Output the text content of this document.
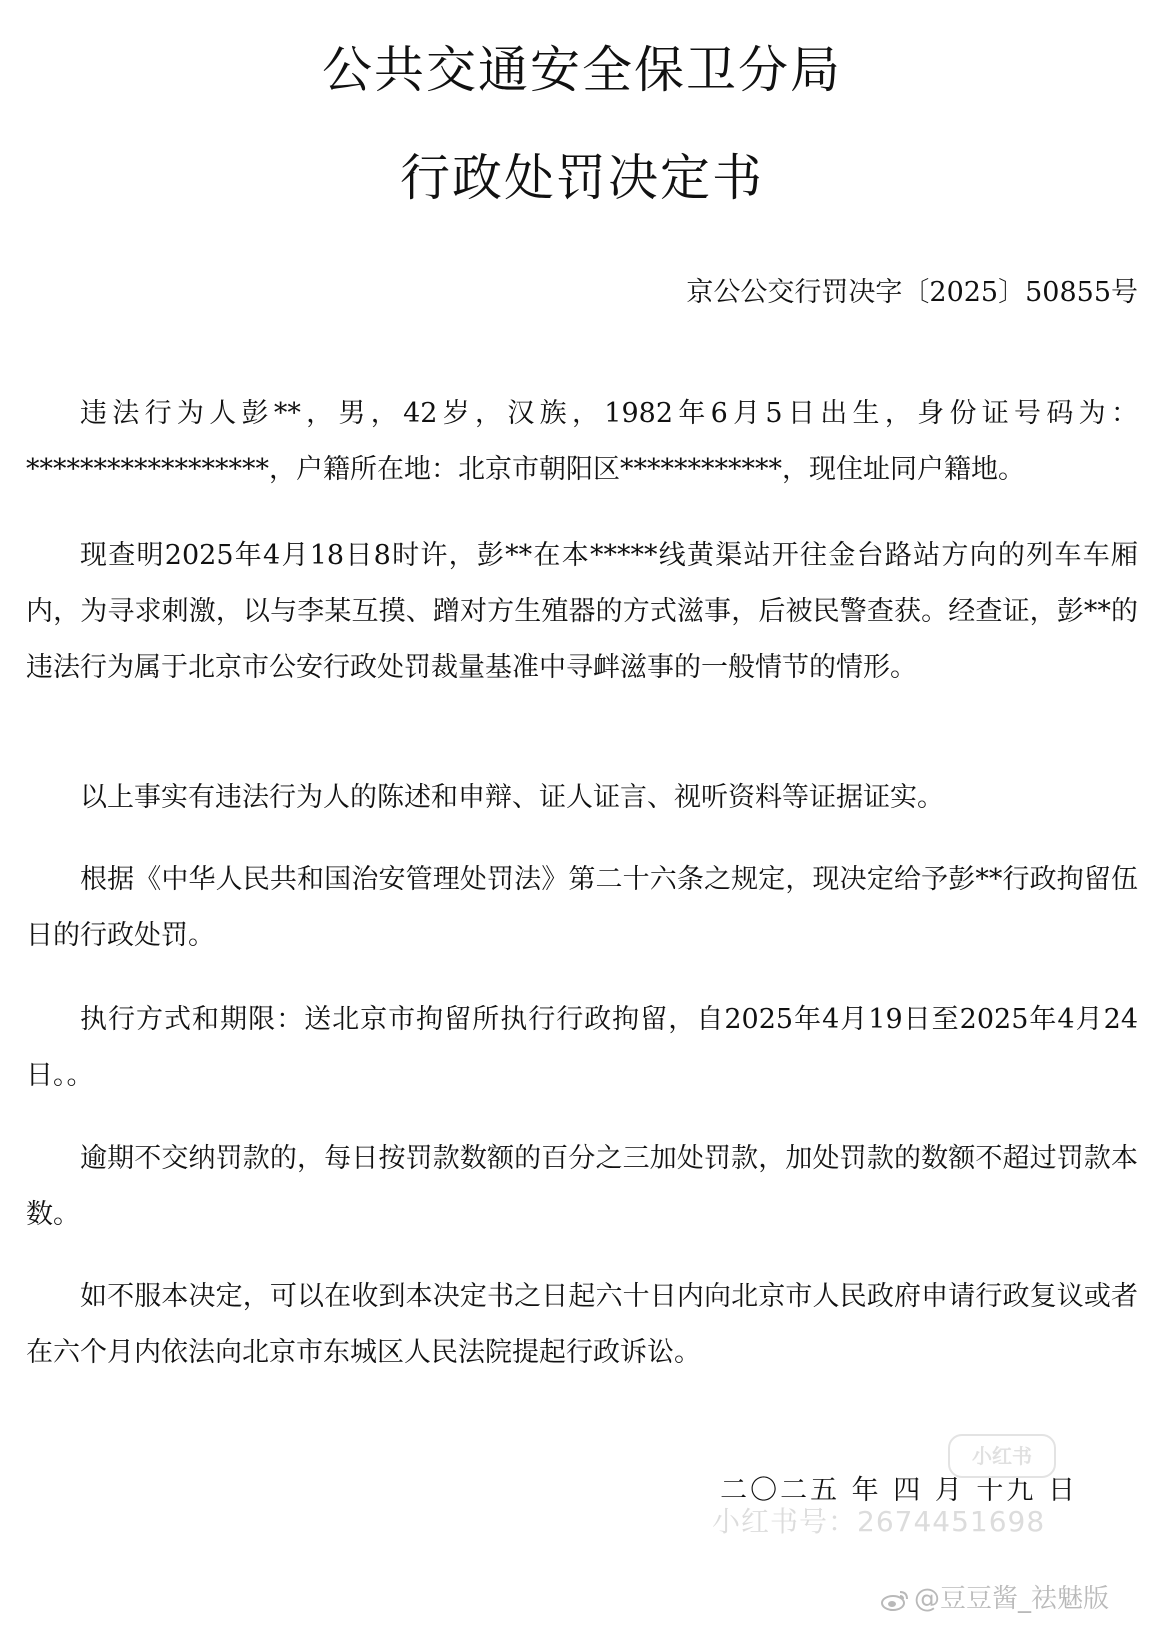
公共交通安全保卫分局
行政处罚决定书
京公公交行罚决字〔2025〕50855号

违法行为人彭**，男，42岁，汉族，1982年6月5日出生，身份证号码为：******************，户籍所在地：北京市朝阳区************，现住址同户籍地。

现查明2025年4月18日8时许，彭**在本*****线黄渠站开往金台路站方向的列车车厢内，为寻求刺激，以与李某互摸、蹭对方生殖器的方式滋事，后被民警查获。经查证，彭**的违法行为属于北京市公安行政处罚裁量基准中寻衅滋事的一般情节的情形。

以上事实有违法行为人的陈述和申辩、证人证言、视听资料等证据证实。

根据《中华人民共和国治安管理处罚法》第二十六条之规定，现决定给予彭**行政拘留伍日的行政处罚。

执行方式和期限：送北京市拘留所执行行政拘留，自2025年4月19日至2025年4月24日。。

逾期不交纳罚款的，每日按罚款数额的百分之三加处罚款，加处罚款的数额不超过罚款本数。

如不服本决定，可以在收到本决定书之日起六十日内向北京市人民政府申请行政复议或者在六个月内依法向北京市东城区人民法院提起行政诉讼。

二〇二五 年 四 月 十九 日
小红书
小红书号：2674451698
@豆豆酱_祛魅版
